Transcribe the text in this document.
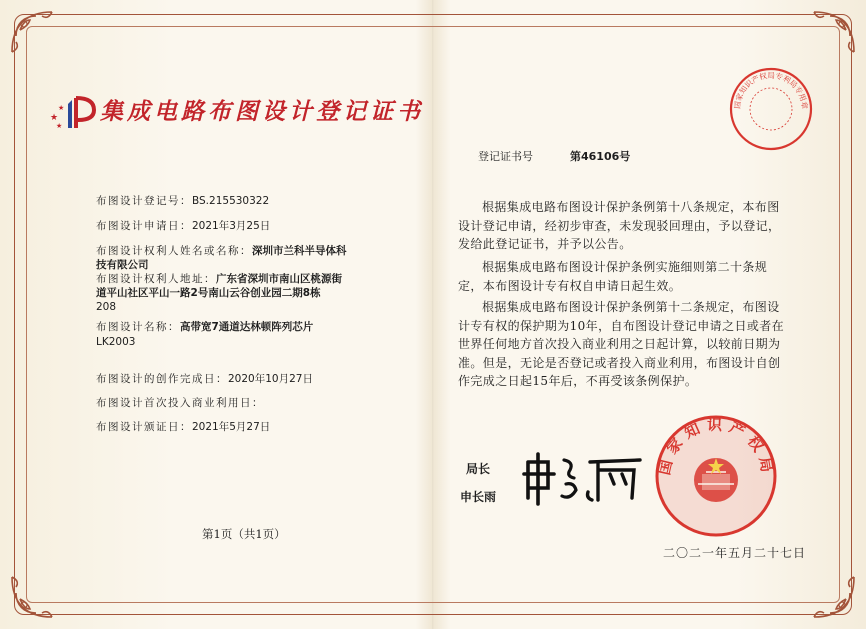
★
★
★
集成电路布图设计登记证书
布图设计登记号：BS.215530322
布图设计申请日：2021年3月25日
布图设计权利人姓名或名称：深圳市兰科半导体科
技有限公司
布图设计权利人地址：广东省深圳市南山区桃源街
道平山社区平山一路2号南山云谷创业园二期8栋
208
布图设计名称：高带宽7通道达林顿阵列芯片
LK2003
布图设计的创作完成日：2020年10月27日
布图设计首次投入商业利用日：
布图设计颁证日：2021年5月27日
第1页（共1页）
登记证书号	第46106号
根据集成电路布图设计保护条例第十八条规定，本布图设计登记申请，经初步审查，未发现驳回理由，予以登记，发给此登记证书，并予以公告。
根据集成电路布图设计保护条例实施细则第二十条规定，本布图设计专有权自申请日起生效。
根据集成电路布图设计保护条例第十二条规定，布图设计专有权的保护期为10年，自布图设计登记申请之日或者在世界任何地方首次投入商业利用之日起计算，以较前日期为准。但是，无论是否登记或者投入商业利用，布图设计自创作完成之日起15年后，不再受该条例保护。
国家知识产权局专利局专用章
局长
申长雨
国家知识产权局
二〇二一年五月二十七日
